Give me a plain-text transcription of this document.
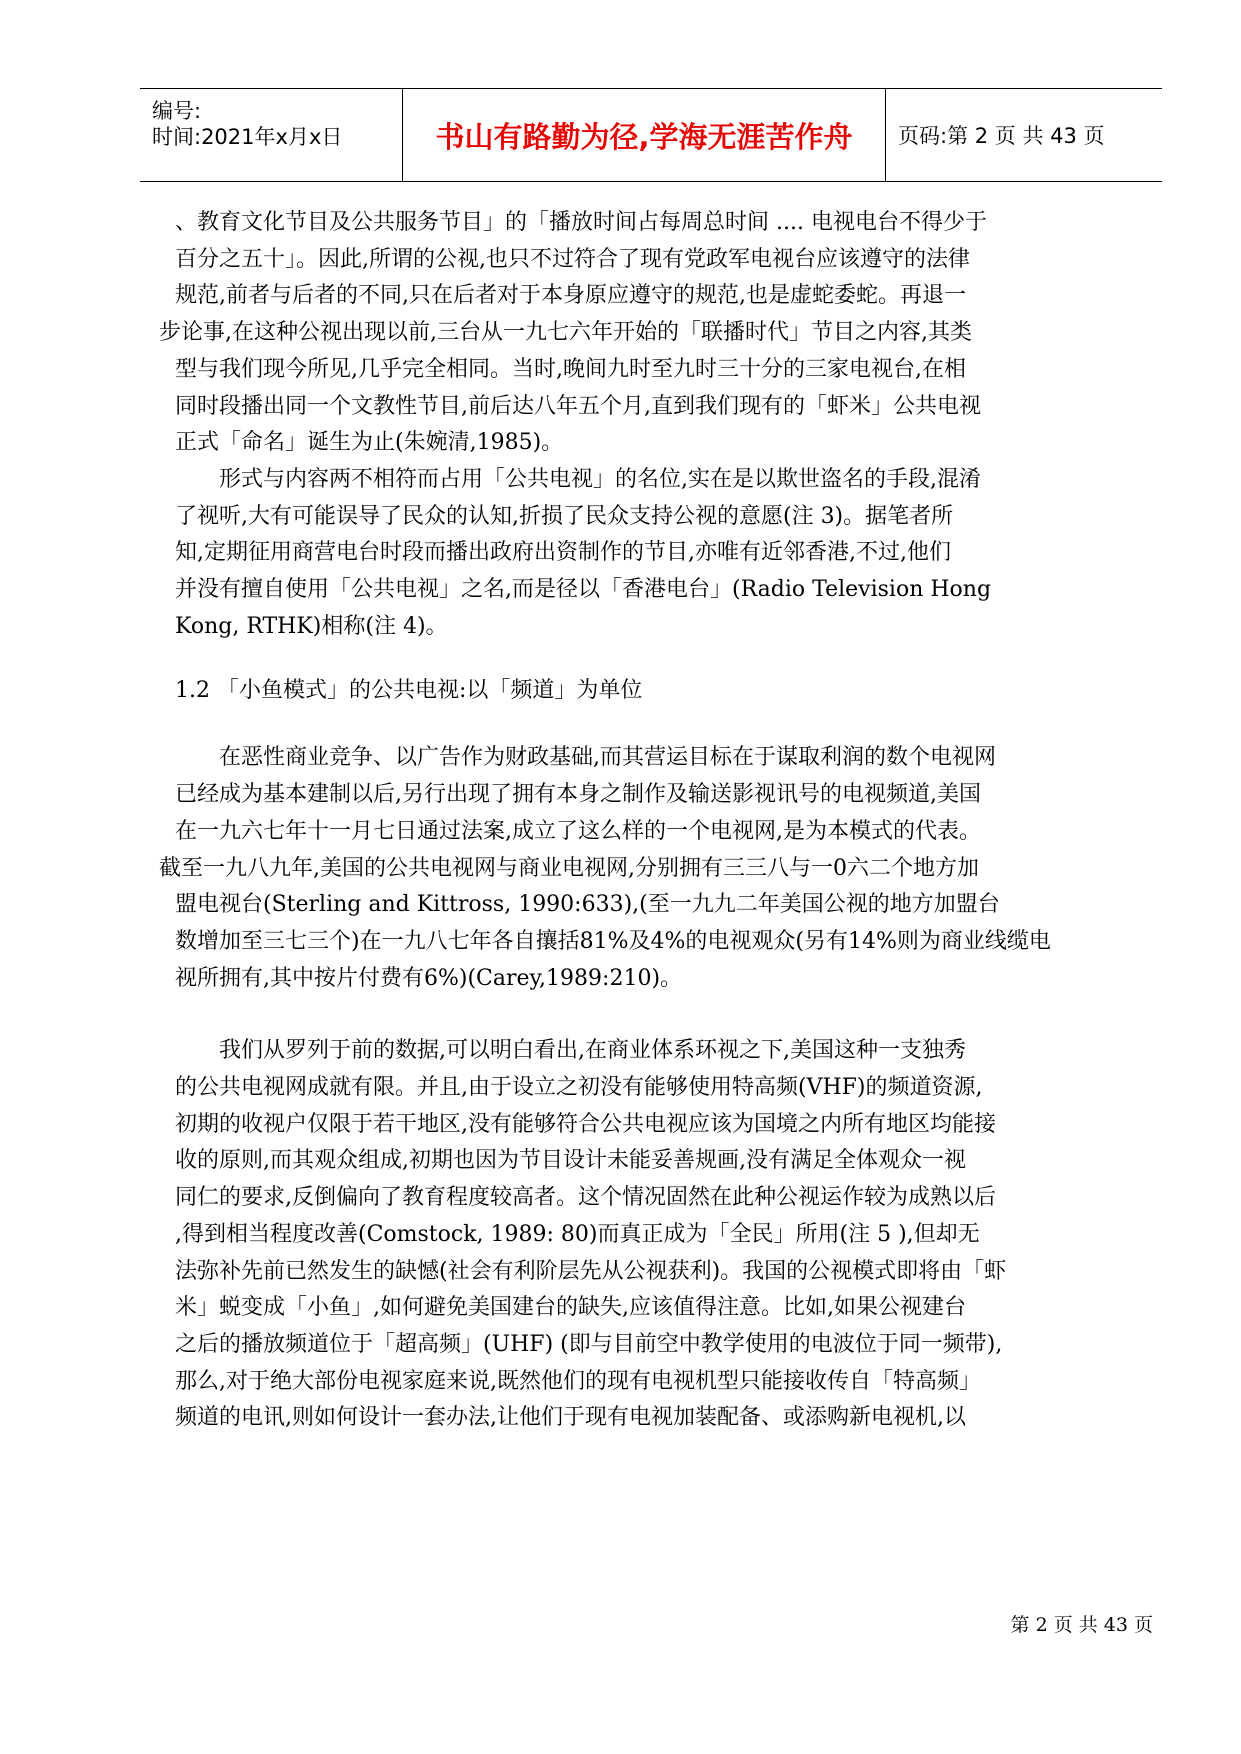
编号:
时间:2021年x月x日	书山有路勤为径,学海无涯苦作舟 页码:第 2 页 共 43 页

、教育文化节目及公共服务节目」的「播放时间占每周总时间 .... 电视电台不得少于
百分之五十」。因此,所谓的公视,也只不过符合了现有党政军电视台应该遵守的法律
规范,前者与后者的不同,只在后者对于本身原应遵守的规范,也是虚蛇委蛇。再退一
步论事,在这种公视出现以前,三台从一九七六年开始的「联播时代」节目之内容,其类
型与我们现今所见,几乎完全相同。当时,晚间九时至九时三十分的三家电视台,在相
同时段播出同一个文教性节目,前后达八年五个月,直到我们现有的「虾米」公共电视
正式「命名」诞生为止(朱婉清,1985)。

形式与内容两不相符而占用「公共电视」的名位,实在是以欺世盗名的手段,混淆
了视听,大有可能误导了民众的认知,折损了民众支持公视的意愿(注 3)。据笔者所
知,定期征用商营电台时段而播出政府出资制作的节目,亦唯有近邻香港,不过,他们
并没有擅自使用「公共电视」之名,而是径以「香港电台」(Radio Television Hong
Kong, RTHK)相称(注 4)。

1.2 「小鱼模式」的公共电视:以「频道」为单位

在恶性商业竞争、以广告作为财政基础,而其营运目标在于谋取利润的数个电视网
已经成为基本建制以后,另行出现了拥有本身之制作及输送影视讯号的电视频道,美国
在一九六七年十一月七日通过法案,成立了这么样的一个电视网,是为本模式的代表。
截至一九八九年,美国的公共电视网与商业电视网,分别拥有三三八与一0六二个地方加
盟电视台(Sterling and Kittross, 1990:633),(至一九九二年美国公视的地方加盟台
数增加至三七三个)在一九八七年各自攘括81%及4%的电视观众(另有14%则为商业线缆电
视所拥有,其中按片付费有6%)(Carey,1989:210)。

我们从罗列于前的数据,可以明白看出,在商业体系环视之下,美国这种一支独秀
的公共电视网成就有限。并且,由于设立之初没有能够使用特高频(VHF)的频道资源,
初期的收视户仅限于若干地区,没有能够符合公共电视应该为国境之内所有地区均能接
收的原则,而其观众组成,初期也因为节目设计未能妥善规画,没有满足全体观众一视
同仁的要求,反倒偏向了教育程度较高者。这个情况固然在此种公视运作较为成熟以后
,得到相当程度改善(Comstock, 1989: 80)而真正成为「全民」所用(注 5 ),但却无
法弥补先前已然发生的缺憾(社会有利阶层先从公视获利)。我国的公视模式即将由「虾
米」蜕变成「小鱼」,如何避免美国建台的缺失,应该值得注意。比如,如果公视建台
之后的播放频道位于「超高频」(UHF) (即与目前空中教学使用的电波位于同一频带),
那么,对于绝大部份电视家庭来说,既然他们的现有电视机型只能接收传自「特高频」
频道的电讯,则如何设计一套办法,让他们于现有电视加装配备、或添购新电视机,以

第 2 页 共 43 页
